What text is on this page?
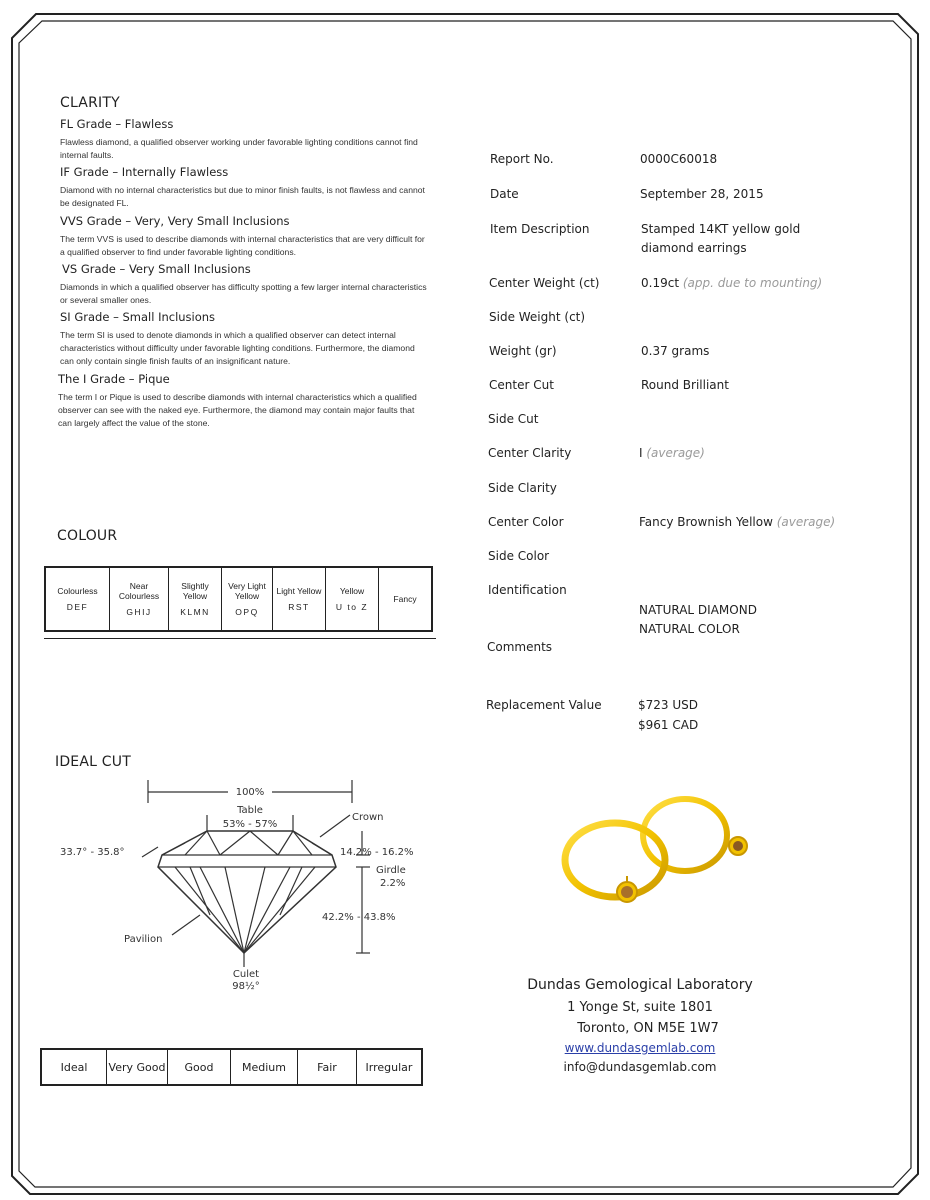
CLARITY
FL Grade – Flawless
Flawless diamond, a qualified observer working under favorable lighting conditions cannot find internal faults.
IF Grade – Internally Flawless
Diamond with no internal characteristics but due to minor finish faults, is not flawless and cannot be designated FL.
VVS Grade – Very, Very Small Inclusions
The term VVS is used to describe diamonds with internal characteristics that are very difficult for a qualified observer to find under favorable lighting conditions.
VS Grade – Very Small Inclusions
Diamonds in which a qualified observer has difficulty spotting a few larger internal characteristics or several smaller ones.
SI Grade – Small Inclusions
The term SI is used to denote diamonds in which a qualified observer can detect internal characteristics without difficulty under favorable lighting conditions. Furthermore, the diamond can only contain single finish faults of an insignificant nature.
The I Grade – Pique
The term I or Pique is used to describe diamonds with internal characteristics which a qualified observer can see with the naked eye. Furthermore, the diamond may contain major faults that can largely affect the value of the stone.
COLOUR
Colourless
DEF
	Near Colourless
GHIJ
	Slightly Yellow
KLMN
	Very Light Yellow
OPQ
	Light Yellow
RST
	Yellow
U to Z
	Fancy
IDEAL CUT
100%
Table
53% - 57%
Crown
33.7° - 35.8°	14.2% - 16.2%
Girdle
2.2%
42.2% - 43.8%
Pavilion
Culet
98½°
Ideal	Very Good	Good	Medium	Fair	Irregular
Report No.	0000C60018
Date	September 28, 2015
Item Description	Stamped 14KT yellow gold diamond earrings
Center Weight (ct)	0.19ct (app. due to mounting)
Side Weight (ct)
Weight (gr)	0.37 grams
Center Cut	Round Brilliant
Side Cut
Center Clarity	I (average)
Side Clarity
Center Color	Fancy Brownish Yellow (average)
Side Color
Identification
NATURAL DIAMOND
NATURAL COLOR
Comments
Replacement Value	$723 USD
$961 CAD
Dundas Gemological Laboratory
1 Yonge St, suite 1801
Toronto, ON M5E 1W7
www.dundasgemlab.com
info@dundasgemlab.com
